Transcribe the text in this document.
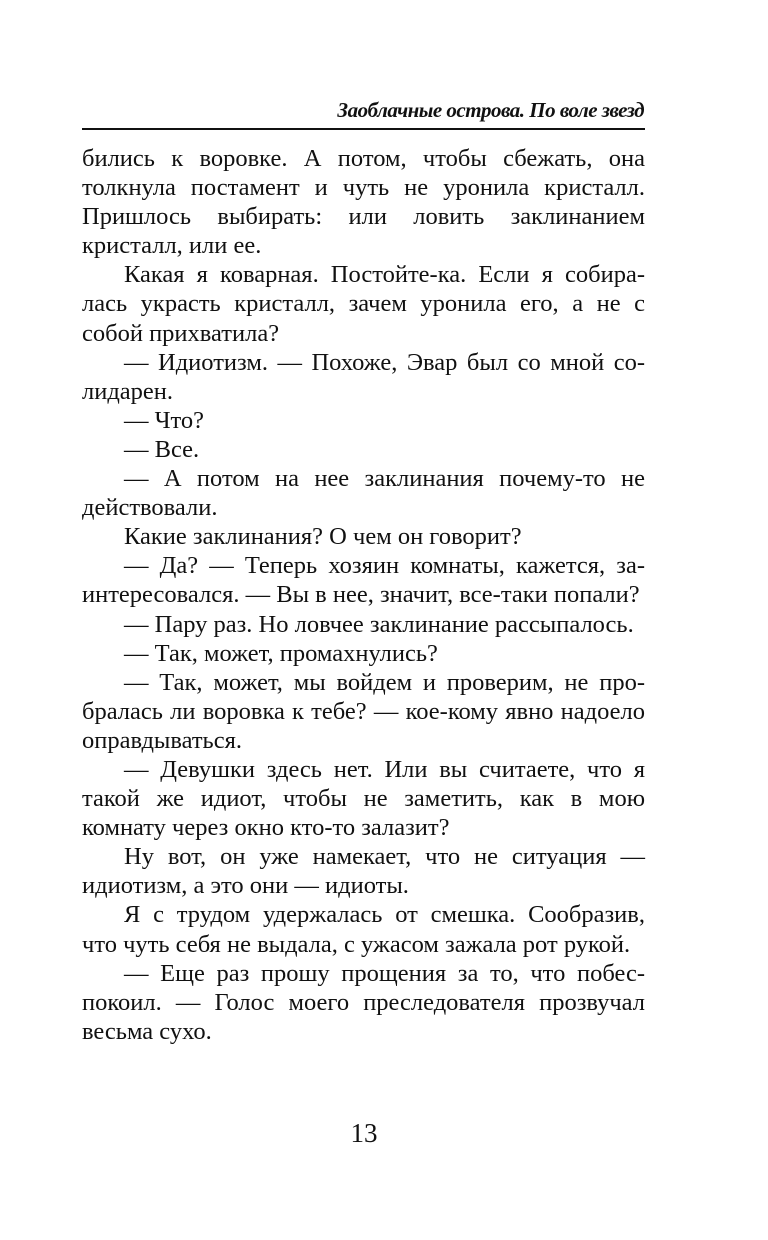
Заоблачные острова. По воле звезд

бились к воровке. А потом, чтобы сбежать, она толкнула постамент и чуть не уронила кристалл. Пришлось выбирать: или ловить заклинанием кристалл, или ее.

Какая я коварная. Постойте-ка. Если я собиралась украсть кристалл, зачем уронила его, а не с собой прихватила?

— Идиотизм. — Похоже, Эвар был со мной солидарен.

— Что?

— Все.

— А потом на нее заклинания почему-то не действовали.

Какие заклинания? О чем он говорит?

— Да? — Теперь хозяин комнаты, кажется, заинтересовался. — Вы в нее, значит, все-таки попали?

— Пару раз. Но ловчее заклинание рассыпалось.

— Так, может, промахнулись?

— Так, может, мы войдем и проверим, не пробралась ли воровка к тебе? — кое-кому явно надоело оправдываться.

— Девушки здесь нет. Или вы считаете, что я такой же идиот, чтобы не заметить, как в мою комнату через окно кто-то залазит?

Ну вот, он уже намекает, что не ситуация — идиотизм, а это они — идиоты.

Я с трудом удержалась от смешка. Сообразив, что чуть себя не выдала, с ужасом зажала рот рукой.

— Еще раз прошу прощения за то, что побеспокоил. — Голос моего преследователя прозвучал весьма сухо.

13
